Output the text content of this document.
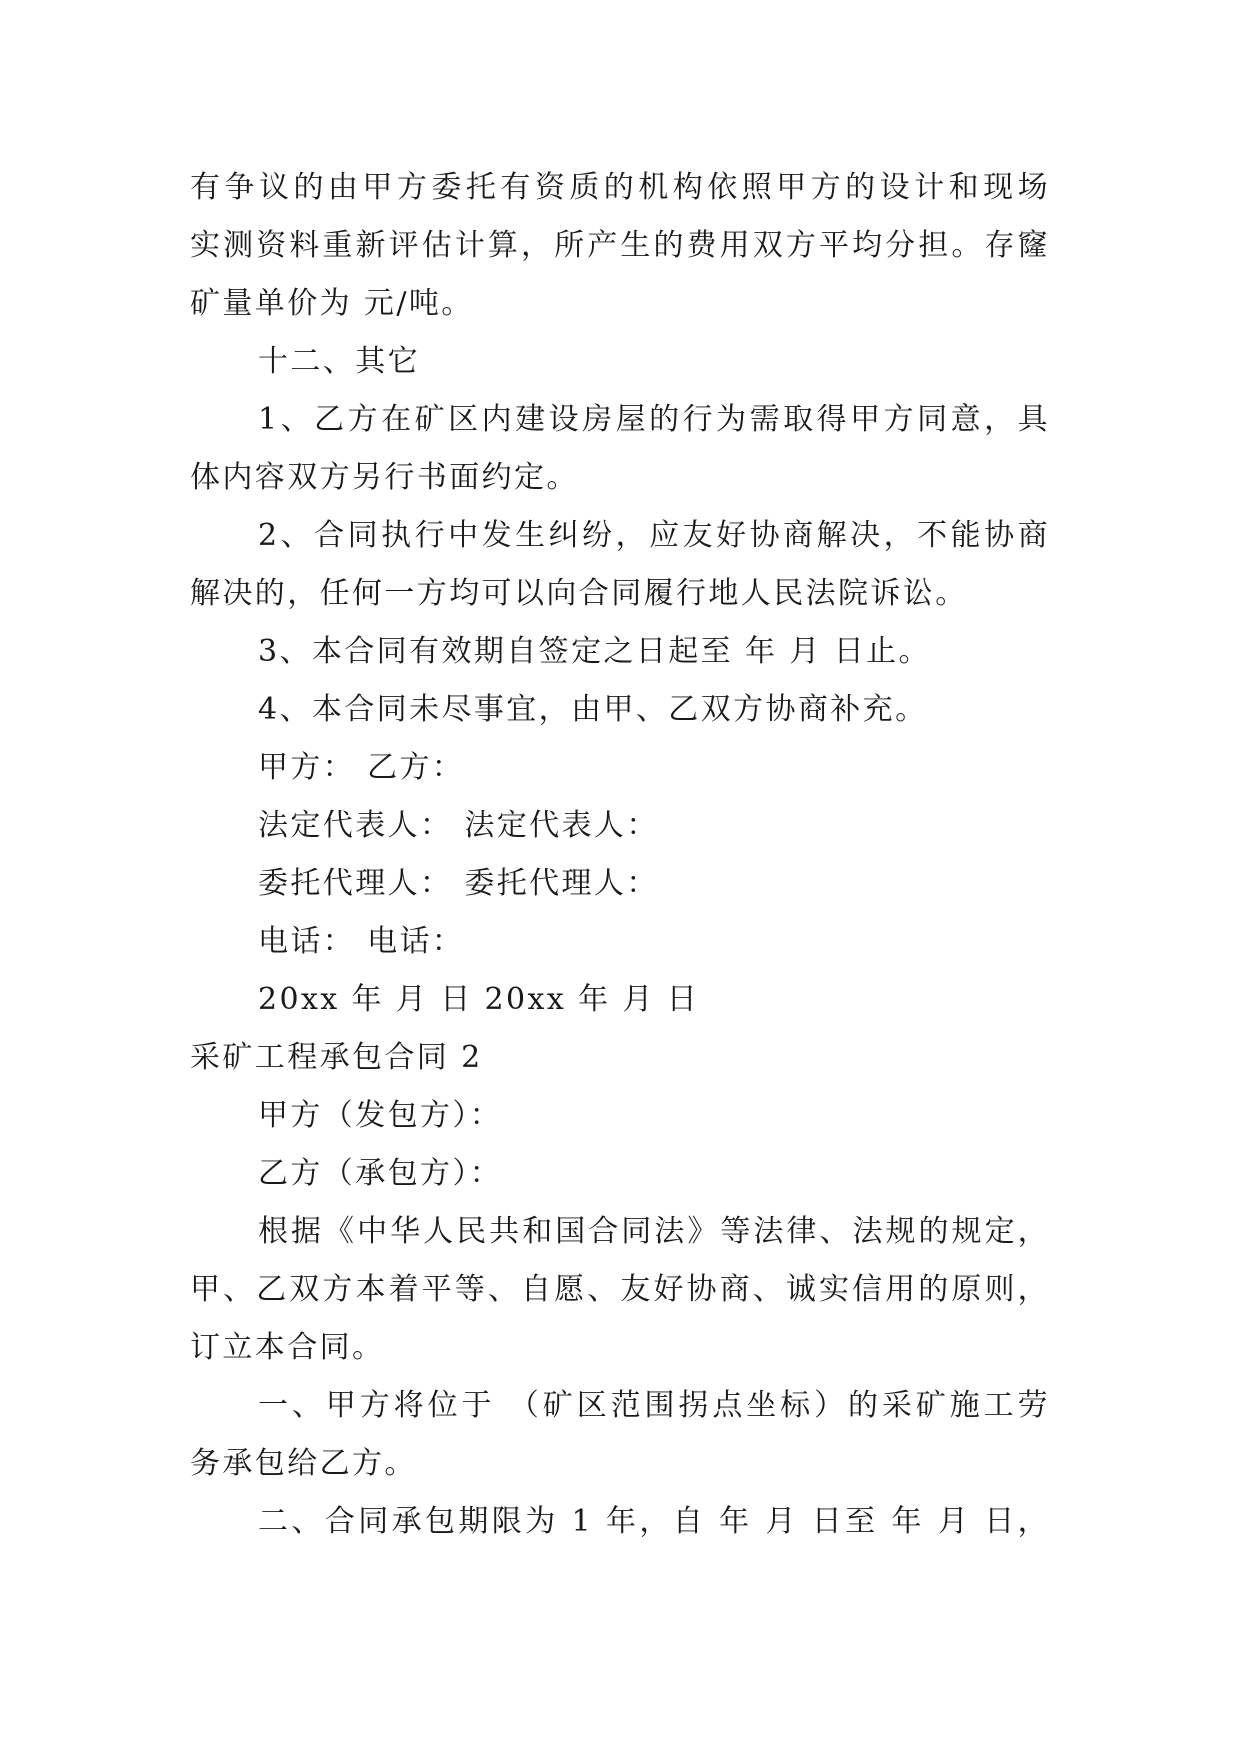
有争议的由甲方委托有资质的机构依照甲方的设计和现场
实测资料重新评估计算，所产生的费用双方平均分担。存窿
矿量单价为 元/吨。
十二、其它
1、乙方在矿区内建设房屋的行为需取得甲方同意，具
体内容双方另行书面约定。
2、合同执行中发生纠纷，应友好协商解决，不能协商
解决的，任何一方均可以向合同履行地人民法院诉讼。
3、本合同有效期自签定之日起至 年 月 日止。
4、本合同未尽事宜，由甲、乙双方协商补充。
甲方： 乙方：
法定代表人： 法定代表人：
委托代理人： 委托代理人：
电话： 电话：
20xx 年 月 日 20xx 年 月 日
采矿工程承包合同 2
甲方（发包方）：
乙方（承包方）：
根据《中华人民共和国合同法》等法律、法规的规定，
甲、乙双方本着平等、自愿、友好协商、诚实信用的原则，
订立本合同。
一、甲方将位于 （矿区范围拐点坐标）的采矿施工劳
务承包给乙方。
二、合同承包期限为 1 年，自 年 月 日至 年 月 日，
